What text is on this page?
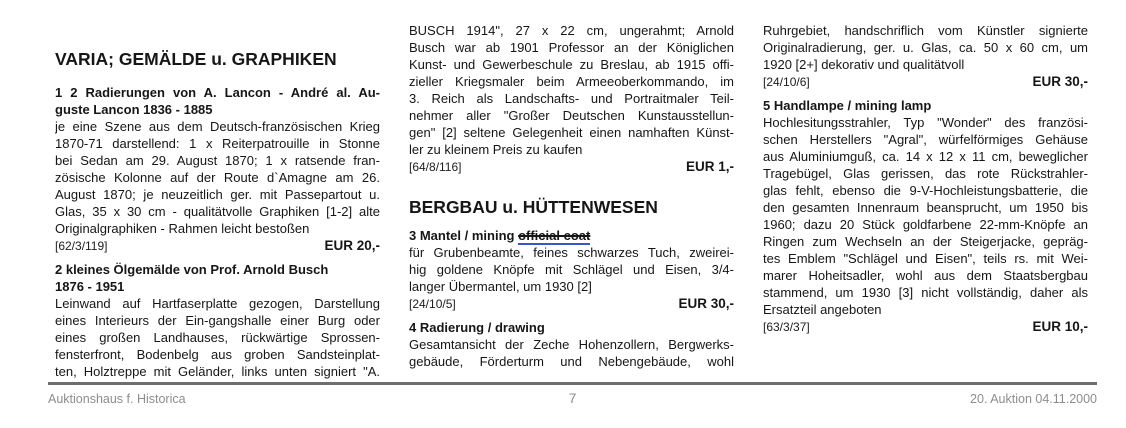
VARIA; GEMÄLDE u. GRAPHIKEN
1 2 Radierungen von A. Lancon - André al. Au-
guste Lancon 1836 - 1885
je eine Szene aus dem Deutsch-französischen Krieg
1870-71 darstellend: 1 x Reiterpatrouille in Stonne
bei Sedan am 29. August 1870; 1 x ratsende fran-
zösische Kolonne auf der Route d`Amagne am 26.
August 1870; je neuzeitlich ger. mit Passepartout u.
Glas, 35 x 30 cm - qualitätvolle Graphiken [1-2] alte
Originalgraphiken - Rahmen leicht bestoßen
[62/3/119]	EUR 20,-
2 kleines Ölgemälde von Prof. Arnold Busch
1876 - 1951
Leinwand auf Hartfaserplatte gezogen, Darstellung
eines Interieurs der Ein-gangshalle einer Burg oder
eines großen Landhauses, rückwärtige Sprossen-
fensterfront, Bodenbelg aus groben Sandsteinplat-
ten, Holztreppe mit Geländer, links unten signiert "A.
BUSCH 1914", 27 x 22 cm, ungerahmt; Arnold
Busch war ab 1901 Professor an der Königlichen
Kunst- und Gewerbeschule zu Breslau, ab 1915 offi-
zieller Kriegsmaler beim Armeeoberkommando, im
3. Reich als Landschafts- und Portraitmaler Teil-
nehmer aller "Großer Deutschen Kunstausstellun-
gen" [2] seltene Gelegenheit einen namhaften Künst-
ler zu kleinem Preis zu kaufen
[64/8/116]	EUR 1,-
BERGBAU u. HÜTTENWESEN
3 Mantel / mining official coat
für Grubenbeamte, feines schwarzes Tuch, zweirei-
hig goldene Knöpfe mit Schlägel und Eisen, 3/4-
langer Übermantel, um 1930 [2]
[24/10/5]	EUR 30,-
4 Radierung / drawing
Gesamtansicht der Zeche Hohenzollern, Bergwerks-
gebäude, Förderturm und Nebengebäude, wohl
Ruhrgebiet, handschriflich vom Künstler signierte
Originalradierung, ger. u. Glas, ca. 50 x 60 cm, um
1920 [2+] dekorativ und qualitätvoll
[24/10/6]	EUR 30,-
5 Handlampe / mining lamp
Hochlesitungsstrahler, Typ "Wonder" des französi-
schen Herstellers "Agral", würfelförmiges Gehäuse
aus Aluminiumguß, ca. 14 x 12 x 11 cm, beweglicher
Tragebügel, Glas gerissen, das rote Rückstrahler-
glas fehlt, ebenso die 9-V-Hochleistungsbatterie, die
den gesamten Innenraum beansprucht, um 1950 bis
1960; dazu 20 Stück goldfarbene 22-mm-Knöpfe an
Ringen zum Wechseln an der Steigerjacke, gepräg-
tes Emblem "Schlägel und Eisen", teils rs. mit Wei-
marer Hoheitsadler, wohl aus dem Staatsbergbau
stammend, um 1930 [3] nicht vollständig, daher als
Ersatzteil angeboten
[63/3/37]	EUR 10,-
Auktionshaus f. Historica	7	20. Auktion 04.11.2000
